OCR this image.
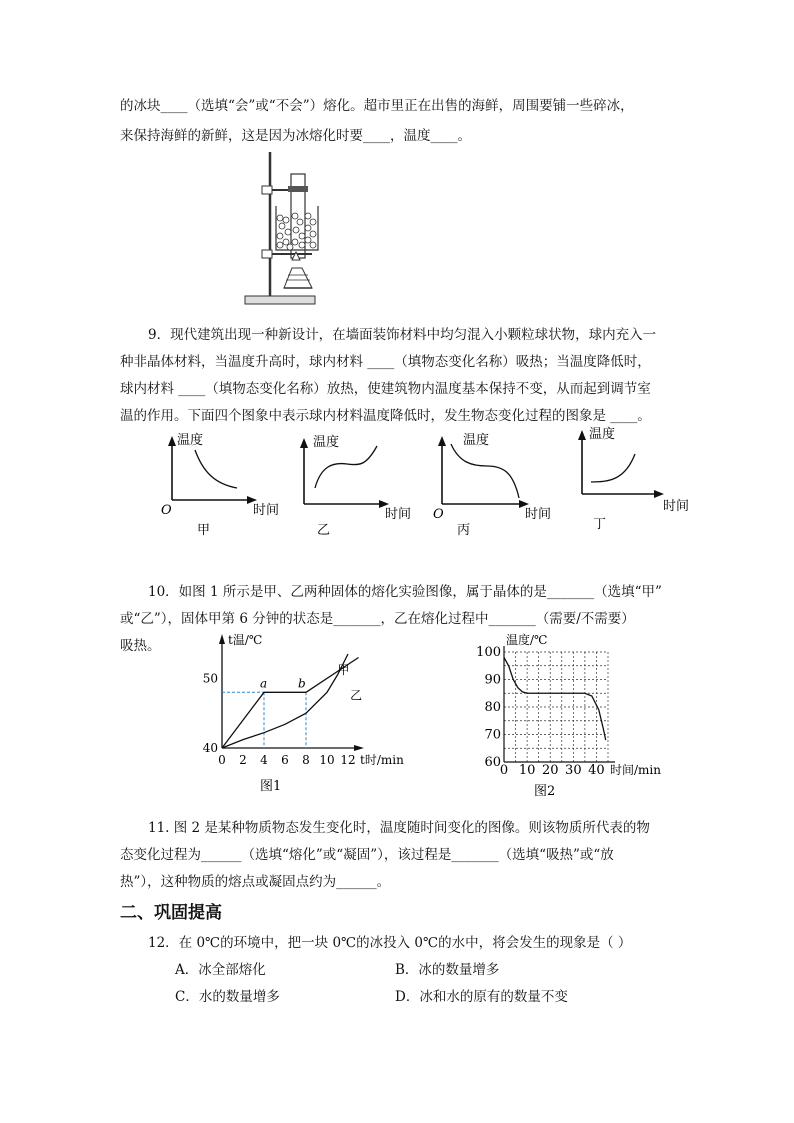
的冰块____（选填“会”或“不会”）熔化。超市里正在出售的海鲜，周围要铺一些碎冰，
来保持海鲜的新鲜，这是因为冰熔化时要____，温度____。
9．现代建筑出现一种新设计，在墙面装饰材料中均匀混入小颗粒球状物，球内充入一
种非晶体材料，当温度升高时，球内材料 ____（填物态变化名称）吸热；当温度降低时，
球内材料 ____（填物态变化名称）放热，使建筑物内温度基本保持不变，从而起到调节室
温的作用。下面四个图象中表示球内材料温度降低时，发生物态变化过程的图象是 ____。
温度
时间
O
甲
温度
时间
乙
温度
时间
O
丙
温度
时间
丁
10．如图 1 所示是甲、乙两种固体的熔化实验图像，属于晶体的是_______（选填“甲”
或“乙”），固体甲第 6 分钟的状态是_______，乙在熔化过程中_______（需要/不需要）
吸热。	t温/℃
t时/min
0 2 4 6 8 10 12
40
50	a	b
甲
乙
图1
温度/℃
时间/min
0 10 20 30 40
60
70
80
90
100
图2
11. 图 2 是某种物质物态发生变化时，温度随时间变化的图像。则该物质所代表的物
态变化过程为______（选填“熔化”或“凝固”），该过程是_______（选填“吸热”或“放
热”），这种物质的熔点或凝固点约为______。
二、巩固提高
12．在 0℃的环境中，把一块 0℃的冰投入 0℃的水中，将会发生的现象是（ ）
A．冰全部熔化	B．冰的数量增多
C．水的数量增多	D．冰和水的原有的数量不变
